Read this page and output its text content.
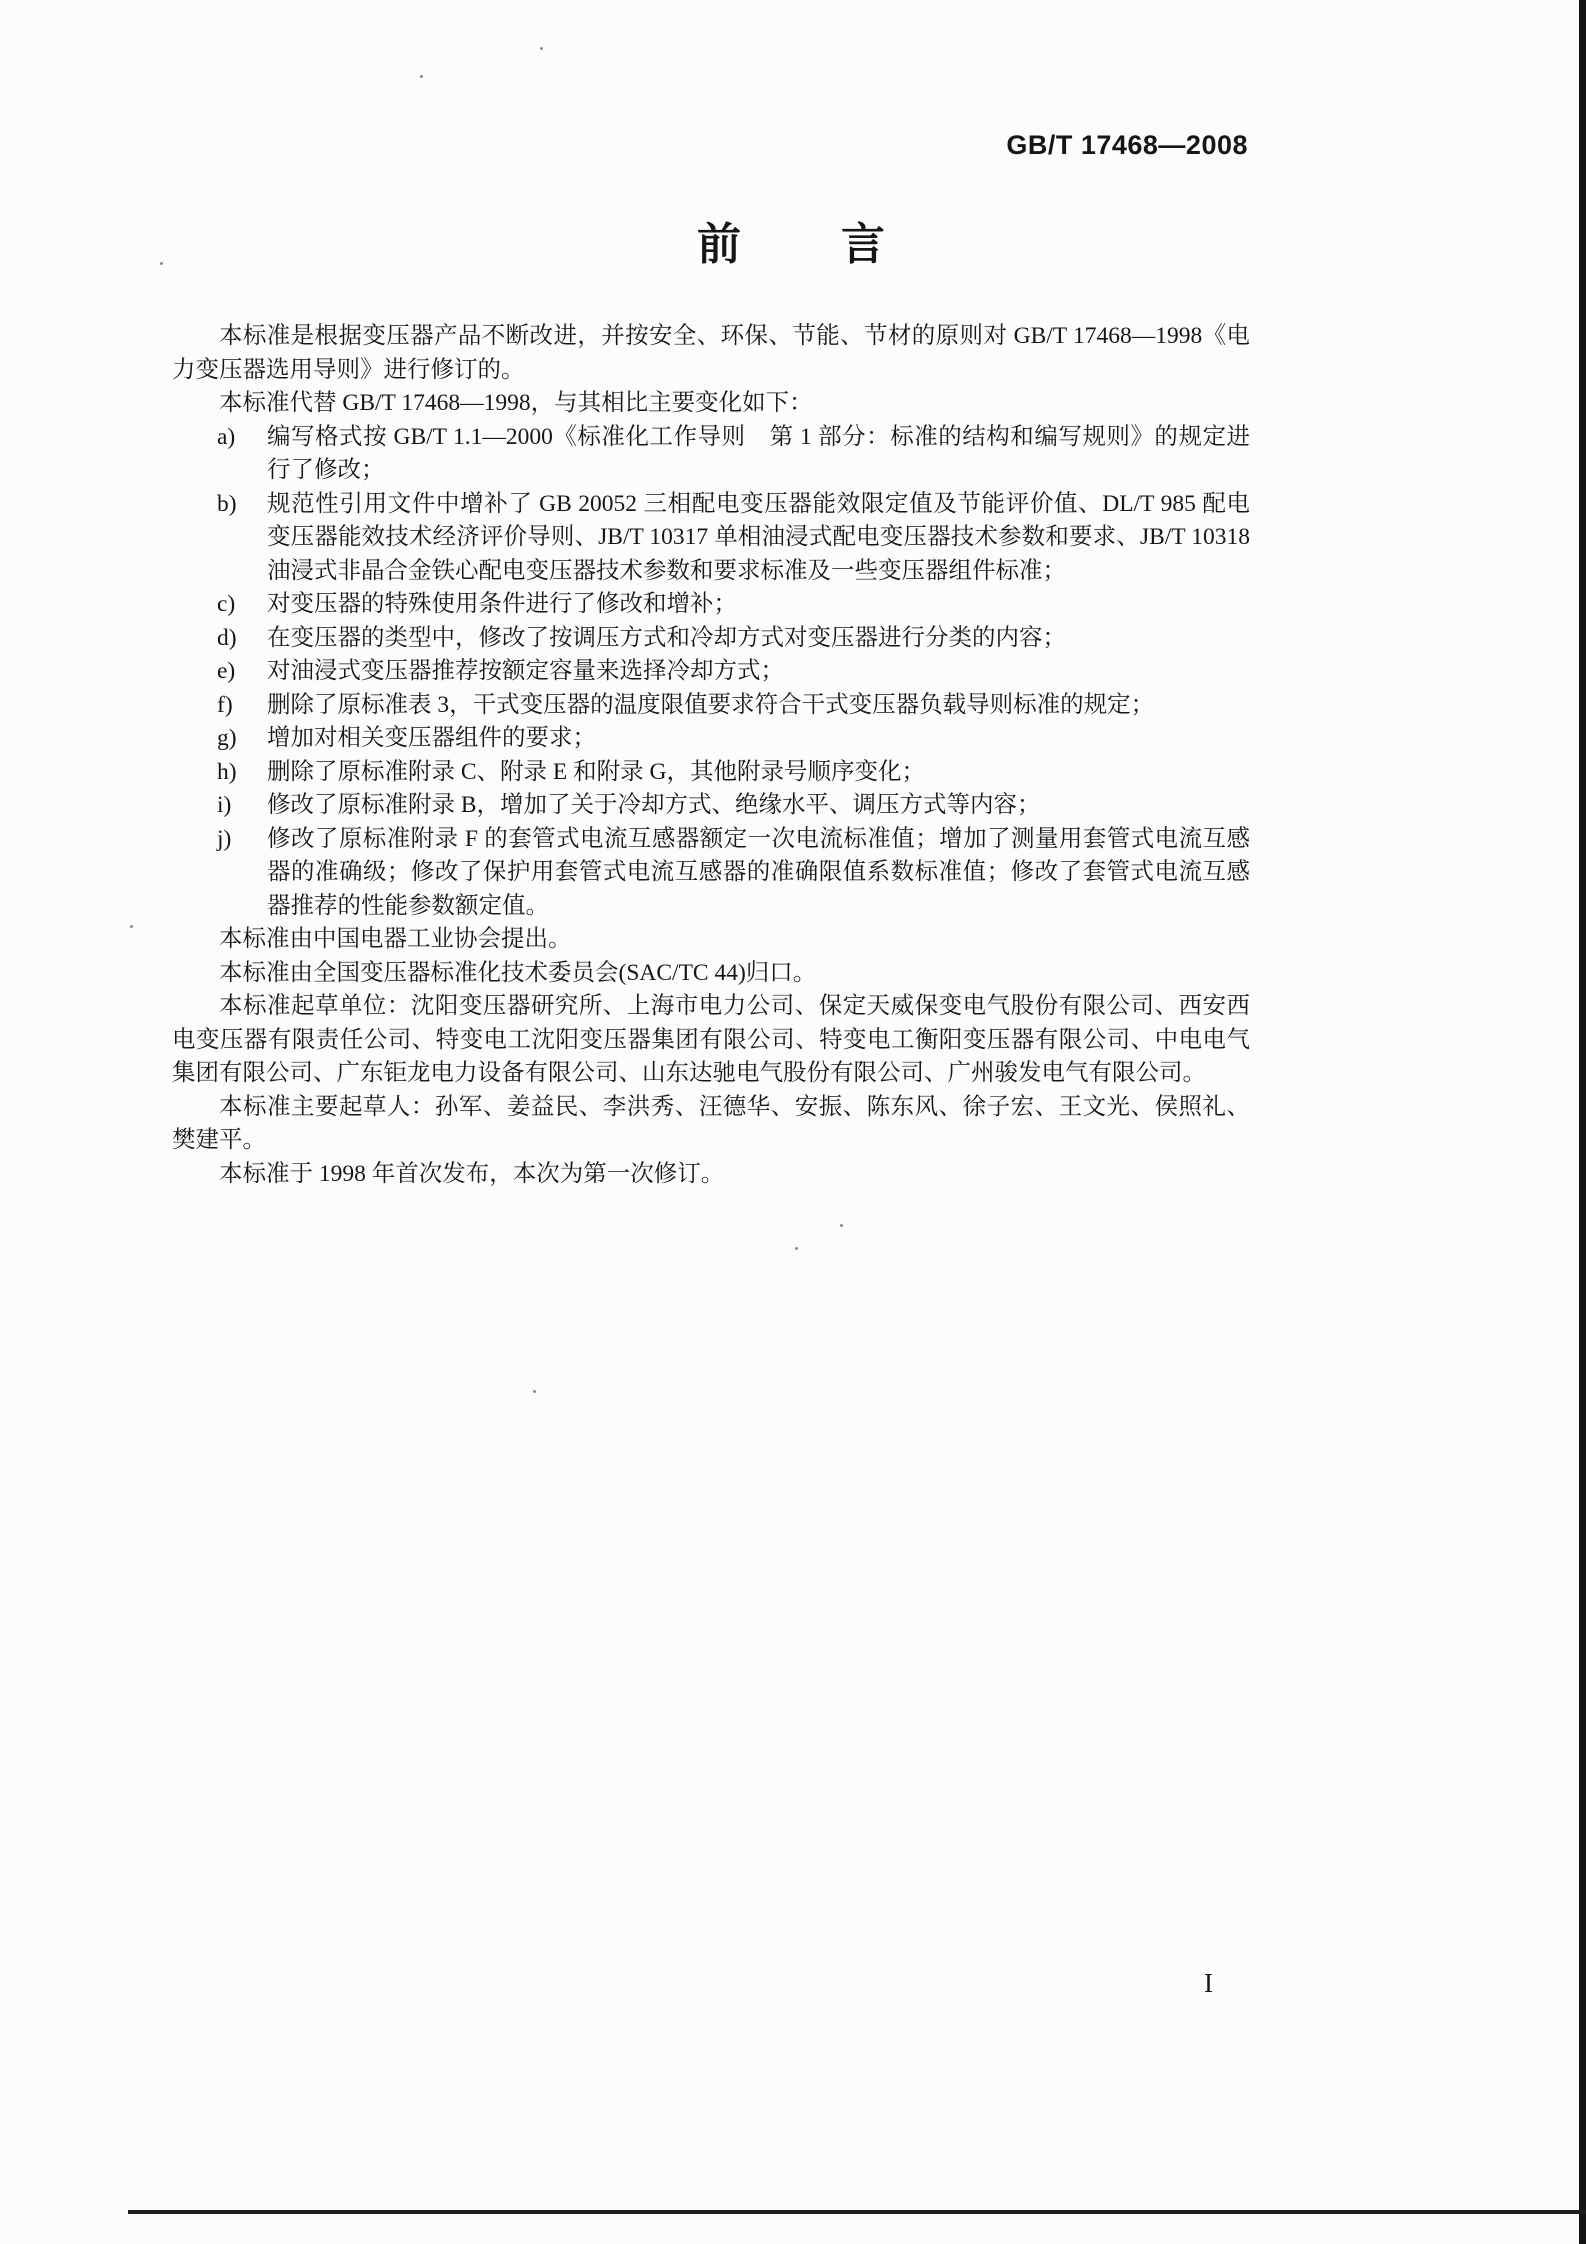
GB/T 17468—2008
前　　言

本标准是根据变压器产品不断改进，并按安全、环保、节能、节材的原则对 GB/T 17468—1998《电力变压器选用导则》进行修订的。

本标准代替 GB/T 17468—1998，与其相比主要变化如下：

a)	编写格式按 GB/T 1.1—2000《标准化工作导则　第 1 部分：标准的结构和编写规则》的规定进行了修改；
b)	规范性引用文件中增补了 GB 20052 三相配电变压器能效限定值及节能评价值、DL/T 985 配电变压器能效技术经济评价导则、JB/T 10317 单相油浸式配电变压器技术参数和要求、JB/T 10318 油浸式非晶合金铁心配电变压器技术参数和要求标准及一些变压器组件标准；
c)	对变压器的特殊使用条件进行了修改和增补；
d)	在变压器的类型中，修改了按调压方式和冷却方式对变压器进行分类的内容；
e)	对油浸式变压器推荐按额定容量来选择冷却方式；
f)	删除了原标准表 3，干式变压器的温度限值要求符合干式变压器负载导则标准的规定；
g)	增加对相关变压器组件的要求；
h)	删除了原标准附录 C、附录 E 和附录 G，其他附录号顺序变化；
i)	修改了原标准附录 B，增加了关于冷却方式、绝缘水平、调压方式等内容；
j)	修改了原标准附录 F 的套管式电流互感器额定一次电流标准值；增加了测量用套管式电流互感器的准确级；修改了保护用套管式电流互感器的准确限值系数标准值；修改了套管式电流互感器推荐的性能参数额定值。

本标准由中国电器工业协会提出。

本标准由全国变压器标准化技术委员会(SAC/TC 44)归口。

本标准起草单位：沈阳变压器研究所、上海市电力公司、保定天威保变电气股份有限公司、西安西电变压器有限责任公司、特变电工沈阳变压器集团有限公司、特变电工衡阳变压器有限公司、中电电气集团有限公司、广东钜龙电力设备有限公司、山东达驰电气股份有限公司、广州骏发电气有限公司。

本标准主要起草人：孙军、姜益民、李洪秀、汪德华、安振、陈东风、徐子宏、王文光、侯照礼、樊建平。

本标准于 1998 年首次发布，本次为第一次修订。

I
